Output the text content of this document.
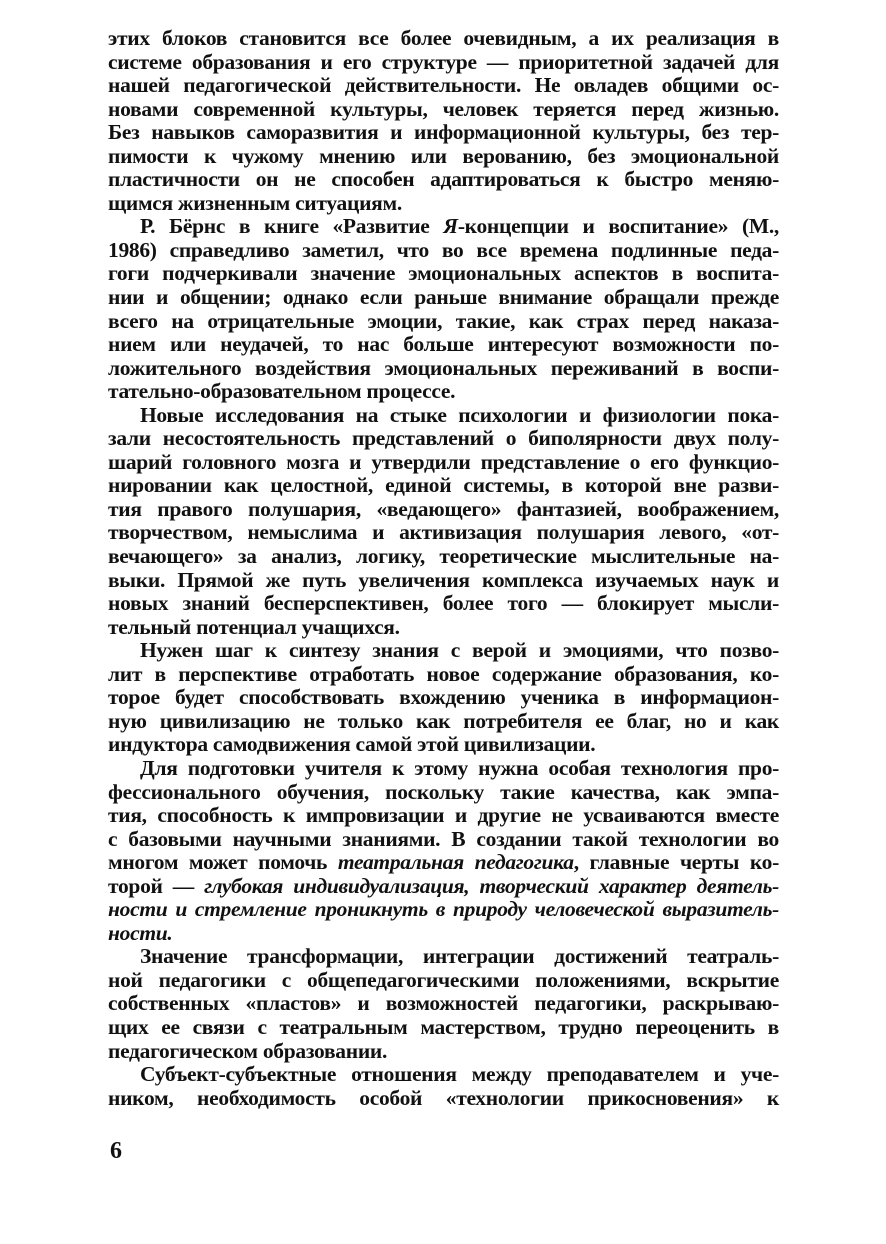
этих блоков становится все более очевидным, а их реализация в
системе образования и его структуре — приоритетной задачей для
нашей педагогической действительности. Не овладев общими ос-
новами современной культуры, человек теряется перед жизнью.
Без навыков саморазвития и информационной культуры, без тер-
пимости к чужому мнению или верованию, без эмоциональной
пластичности он не способен адаптироваться к быстро меняю-
щимся жизненным ситуациям.
Р. Бёрнс в книге «Развитие Я-концепции и воспитание» (М.,
1986) справедливо заметил, что во все времена подлинные педа-
гоги подчеркивали значение эмоциональных аспектов в воспита-
нии и общении; однако если раньше внимание обращали прежде
всего на отрицательные эмоции, такие, как страх перед наказа-
нием или неудачей, то нас больше интересуют возможности по-
ложительного воздействия эмоциональных переживаний в воспи-
тательно-образовательном процессе.
Новые исследования на стыке психологии и физиологии пока-
зали несостоятельность представлений о биполярности двух полу-
шарий головного мозга и утвердили представление о его функцио-
нировании как целостной, единой системы, в которой вне разви-
тия правого полушария, «ведающего» фантазией, воображением,
творчеством, немыслима и активизация полушария левого, «от-
вечающего» за анализ, логику, теоретические мыслительные на-
выки. Прямой же путь увеличения комплекса изучаемых наук и
новых знаний бесперспективен, более того — блокирует мысли-
тельный потенциал учащихся.
Нужен шаг к синтезу знания с верой и эмоциями, что позво-
лит в перспективе отработать новое содержание образования, ко-
торое будет способствовать вхождению ученика в информацион-
ную цивилизацию не только как потребителя ее благ, но и как
индуктора самодвижения самой этой цивилизации.
Для подготовки учителя к этому нужна особая технология про-
фессионального обучения, поскольку такие качества, как эмпа-
тия, способность к импровизации и другие не усваиваются вместе
с базовыми научными знаниями. В создании такой технологии во
многом может помочь театральная педагогика, главные черты ко-
торой — глубокая индивидуализация, творческий характер деятель-
ности и стремление проникнуть в природу человеческой выразитель-
ности.
Значение трансформации, интеграции достижений театраль-
ной педагогики с общепедагогическими положениями, вскрытие
собственных «пластов» и возможностей педагогики, раскрываю-
щих ее связи с театральным мастерством, трудно переоценить в
педагогическом образовании.
Субъект-субъектные отношения между преподавателем и уче-
ником, необходимость особой «технологии прикосновения» к
6
